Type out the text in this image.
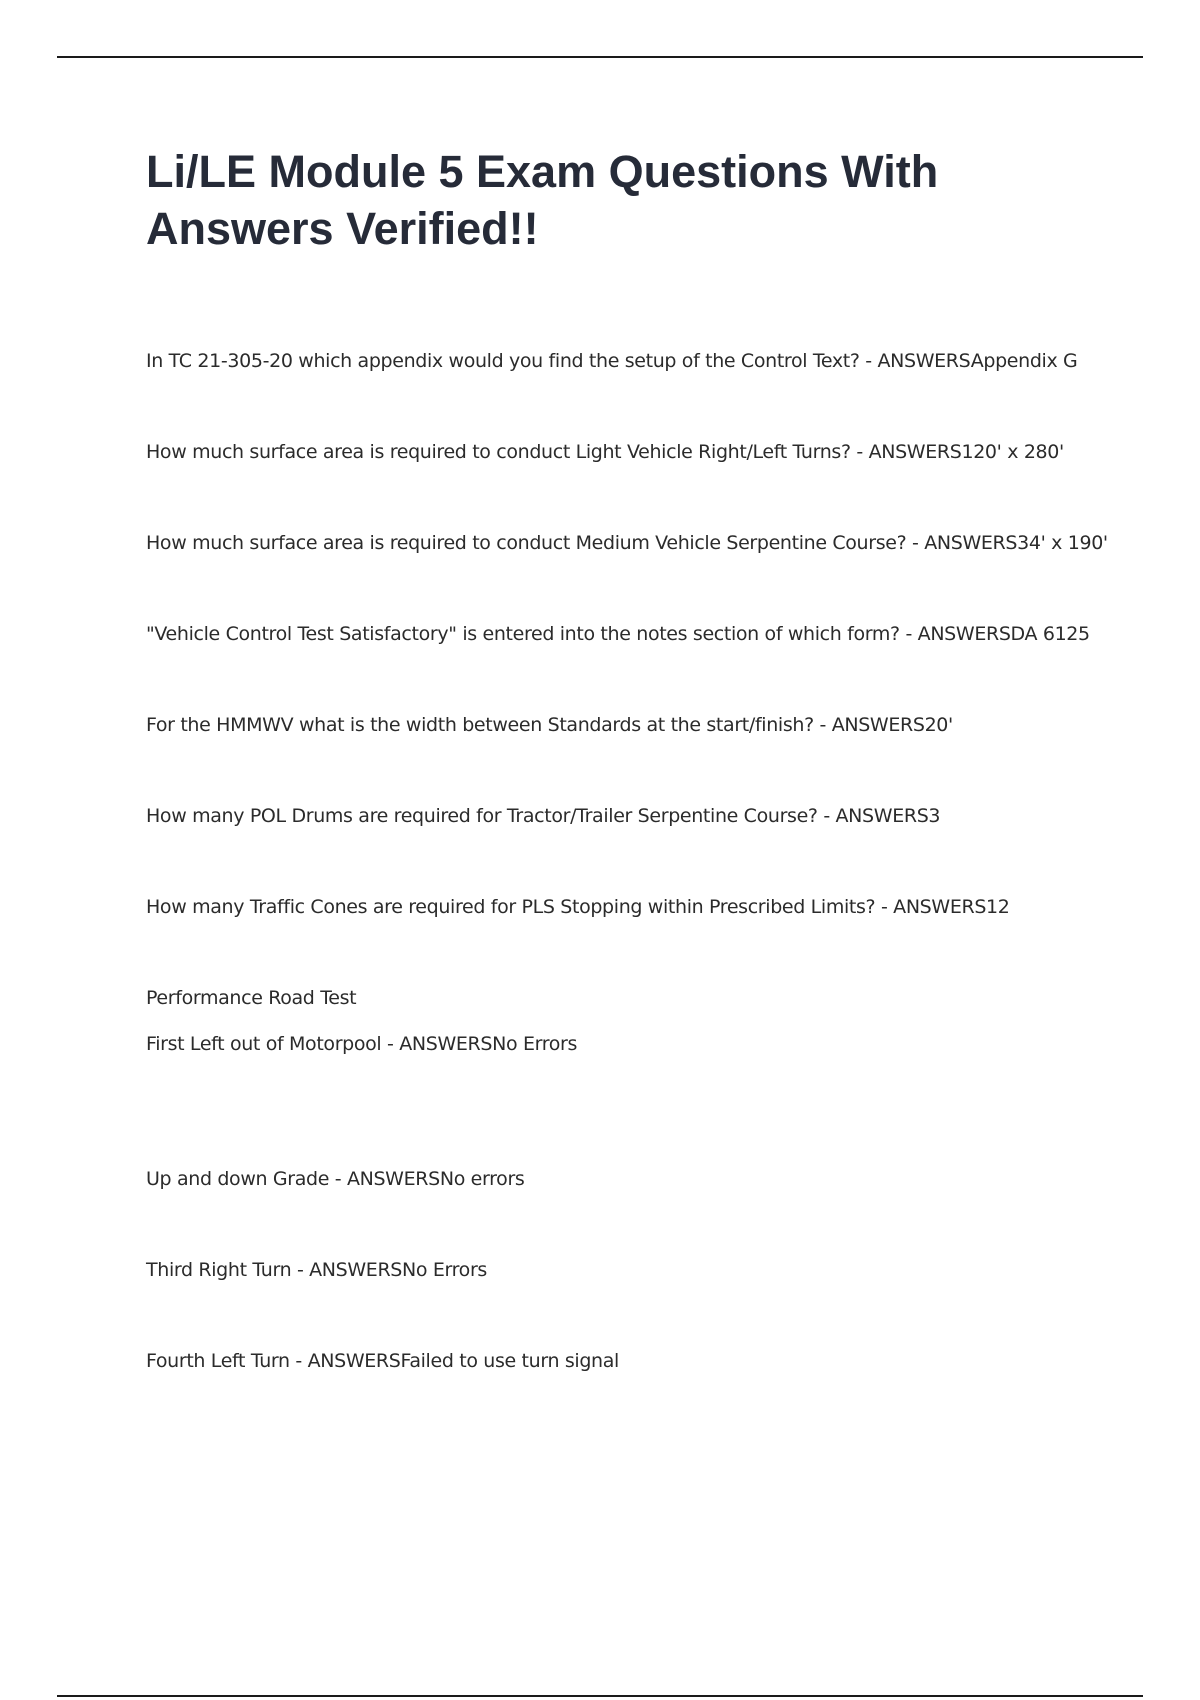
Li/LE Module 5 Exam Questions With Answers Verified!!

In TC 21-305-20 which appendix would you find the setup of the Control Text? - ANSWERSAppendix G

How much surface area is required to conduct Light Vehicle Right/Left Turns? - ANSWERS120' x 280'

How much surface area is required to conduct Medium Vehicle Serpentine Course? - ANSWERS34' x 190'

"Vehicle Control Test Satisfactory" is entered into the notes section of which form? - ANSWERSDA 6125

For the HMMWV what is the width between Standards at the start/finish? - ANSWERS20'

How many POL Drums are required for Tractor/Trailer Serpentine Course? - ANSWERS3

How many Traffic Cones are required for PLS Stopping within Prescribed Limits? - ANSWERS12

Performance Road Test

First Left out of Motorpool - ANSWERSNo Errors

Up and down Grade - ANSWERSNo errors

Third Right Turn - ANSWERSNo Errors

Fourth Left Turn - ANSWERSFailed to use turn signal
